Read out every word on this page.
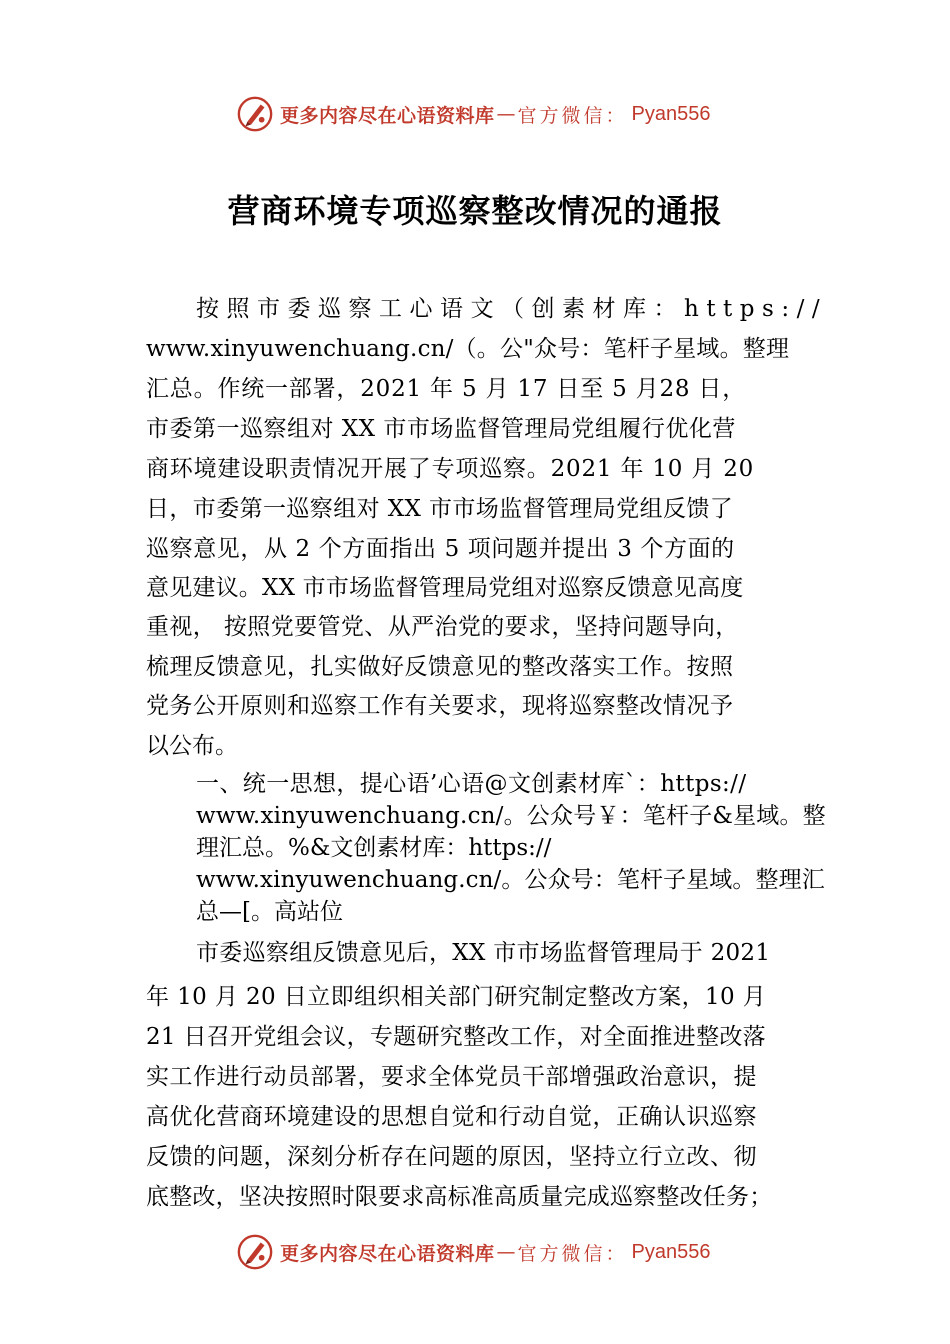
更多内容尽在心语资料库 — 官方微信： Pyan556
营商环境专项巡察整改情况的通报
按照市委巡察工心语文（创素材库：https://
www.xinyuwenchuang.cn/（。公"众号：笔杆子星域。整理
汇总。作统一部署，2021 年 5 月 17 日至 5 月28 日，
市委第一巡察组对 XX 市市场监督管理局党组履行优化营
商环境建设职责情况开展了专项巡察。2021 年 10 月 20
日，市委第一巡察组对 XX 市市场监督管理局党组反馈了
巡察意见，从 2 个方面指出 5 项问题并提出 3 个方面的
意见建议。XX 市市场监督管理局党组对巡察反馈意见高度
重视， 按照党要管党、从严治党的要求，坚持问题导向，
梳理反馈意见，扎实做好反馈意见的整改落实工作。按照
党务公开原则和巡察工作有关要求，现将巡察整改情况予
以公布。
一、统一思想，提心语’心语@文创素材库`：https://
www.xinyuwenchuang.cn/。公众号￥：笔杆子&星域。整
理汇总。%&文创素材库：https://
www.xinyuwenchuang.cn/。公众号：笔杆子星域。整理汇
总—[。高站位
市委巡察组反馈意见后，XX 市市场监督管理局于 2021
年 10 月 20 日立即组织相关部门研究制定整改方案，10 月
21 日召开党组会议，专题研究整改工作，对全面推进整改落
实工作进行动员部署，要求全体党员干部增强政治意识，提
高优化营商环境建设的思想自觉和行动自觉，正确认识巡察
反馈的问题，深刻分析存在问题的原因，坚持立行立改、彻
底整改，坚决按照时限要求高标准高质量完成巡察整改任务；
更多内容尽在心语资料库 — 官方微信： Pyan556
